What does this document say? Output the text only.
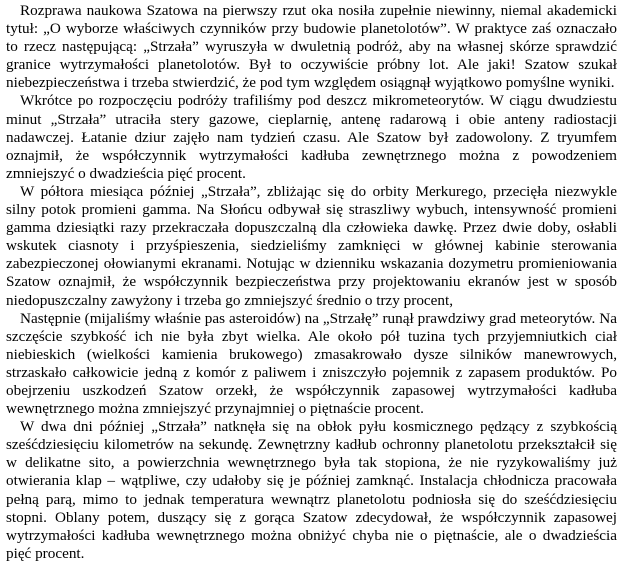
Rozprawa naukowa Szatowa na pierwszy rzut oka nosiła zupełnie niewinny, niemal akademicki tytuł: „O wyborze właściwych czynników przy budowie planetolotów”. W praktyce zaś oznaczało to rzecz następującą: „Strzała” wyruszyła w dwuletnią podróż, aby na własnej skórze sprawdzić granice wytrzymałości planetolotów. Był to oczywiście próbny lot. Ale jaki! Szatow szukał niebezpieczeństwa i trzeba stwierdzić, że pod tym względem osiągnął wyjątkowo pomyślne wyniki.

Wkrótce po rozpoczęciu podróży trafiliśmy pod deszcz mikrometeorytów. W ciągu dwudziestu minut „Strzała” utraciła stery gazowe, cieplarnię, antenę radarową i obie anteny radiostacji nadawczej. Łatanie dziur zajęło nam tydzień czasu. Ale Szatow był zadowolony. Z tryumfem oznajmił, że współczynnik wytrzymałości kadłuba zewnętrznego można z powodzeniem zmniejszyć o dwadzieścia pięć procent.

W półtora miesiąca później „Strzała”, zbliżając się do orbity Merkurego, przecięła niezwykle silny potok promieni gamma. Na Słońcu odbywał się straszliwy wybuch, intensywność promieni gamma dziesiątki razy przekraczała dopuszczalną dla człowieka dawkę. Przez dwie doby, osłabli wskutek ciasnoty i przyśpieszenia, siedzieliśmy zamknięci w głównej kabinie sterowania zabezpieczonej ołowianymi ekranami. Notując w dzienniku wskazania dozymetru promieniowania Szatow oznajmił, że współczynnik bezpieczeństwa przy projektowaniu ekranów jest w sposób niedopuszczalny zawyżony i trzeba go zmniejszyć średnio o trzy procent,

Następnie (mijaliśmy właśnie pas asteroidów) na „Strzałę” runął prawdziwy grad meteorytów. Na szczęście szybkość ich nie była zbyt wielka. Ale około pół tuzina tych przyjemniutkich ciał niebieskich (wielkości kamienia brukowego) zmasakrowało dysze silników manewrowych, strzaskało całkowicie jedną z komór z paliwem i zniszczyło pojemnik z zapasem produktów. Po obejrzeniu uszkodzeń Szatow orzekł, że współczynnik zapasowej wytrzymałości kadłuba wewnętrznego można zmniejszyć przynajmniej o piętnaście procent.

W dwa dni później „Strzała” natknęła się na obłok pyłu kosmicznego pędzący z szybkością sześćdziesięciu kilometrów na sekundę. Zewnętrzny kadłub ochronny planetolotu przekształcił się w delikatne sito, a powierzchnia wewnętrznego była tak stopiona, że nie ryzykowaliśmy już otwierania klap – wątpliwe, czy udałoby się je później zamknąć. Instalacja chłodnicza pracowała pełną parą, mimo to jednak temperatura wewnątrz planetolotu podniosła się do sześćdziesięciu stopni. Oblany potem, duszący się z gorąca Szatow zdecydował, że współczynnik zapasowej wytrzymałości kadłuba wewnętrznego można obniżyć chyba nie o piętnaście, ale o dwadzieścia pięć procent.
